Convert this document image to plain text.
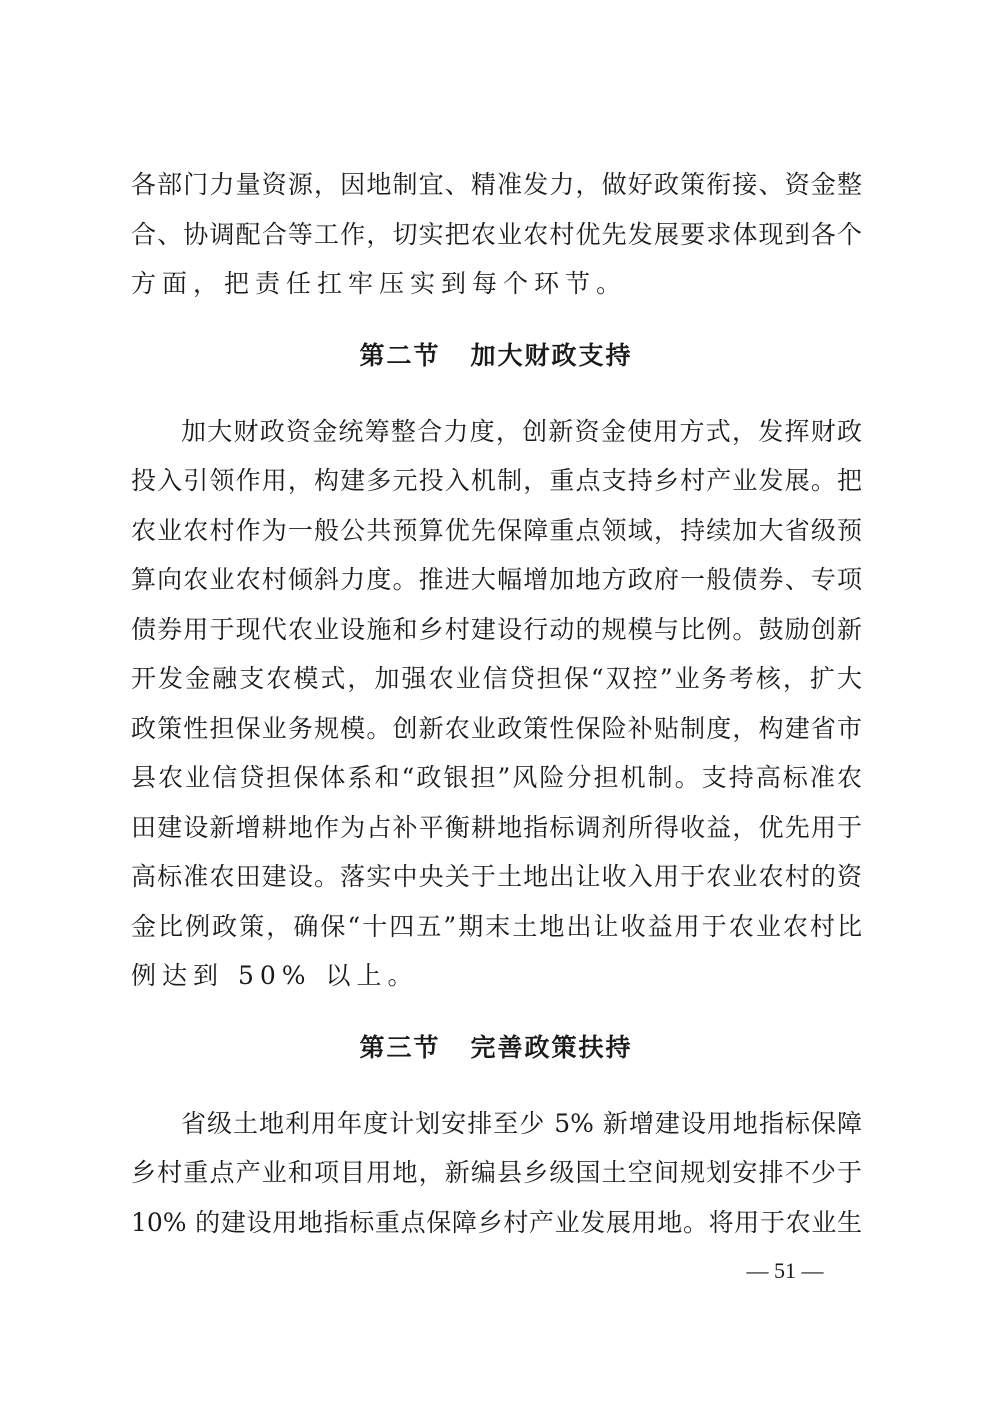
各部门力量资源，因地制宜、精准发力，做好政策衔接、资金整
合、协调配合等工作，切实把农业农村优先发展要求体现到各个
方面，把责任扛牢压实到每个环节。
第二节 加大财政支持
加大财政资金统筹整合力度，创新资金使用方式，发挥财政
投入引领作用，构建多元投入机制，重点支持乡村产业发展。把
农业农村作为一般公共预算优先保障重点领域，持续加大省级预
算向农业农村倾斜力度。推进大幅增加地方政府一般债券、专项
债券用于现代农业设施和乡村建设行动的规模与比例。鼓励创新
开发金融支农模式，加强农业信贷担保“双控”业务考核，扩大
政策性担保业务规模。创新农业政策性保险补贴制度，构建省市
县农业信贷担保体系和“政银担”风险分担机制。支持高标准农
田建设新增耕地作为占补平衡耕地指标调剂所得收益，优先用于
高标准农田建设。落实中央关于土地出让收入用于农业农村的资
金比例政策，确保“十四五”期末土地出让收益用于农业农村比
例达到 50% 以上。
第三节 完善政策扶持
省级土地利用年度计划安排至少 5% 新增建设用地指标保障
乡村重点产业和项目用地，新编县乡级国土空间规划安排不少于
10% 的建设用地指标重点保障乡村产业发展用地。将用于农业生
— 51 —
